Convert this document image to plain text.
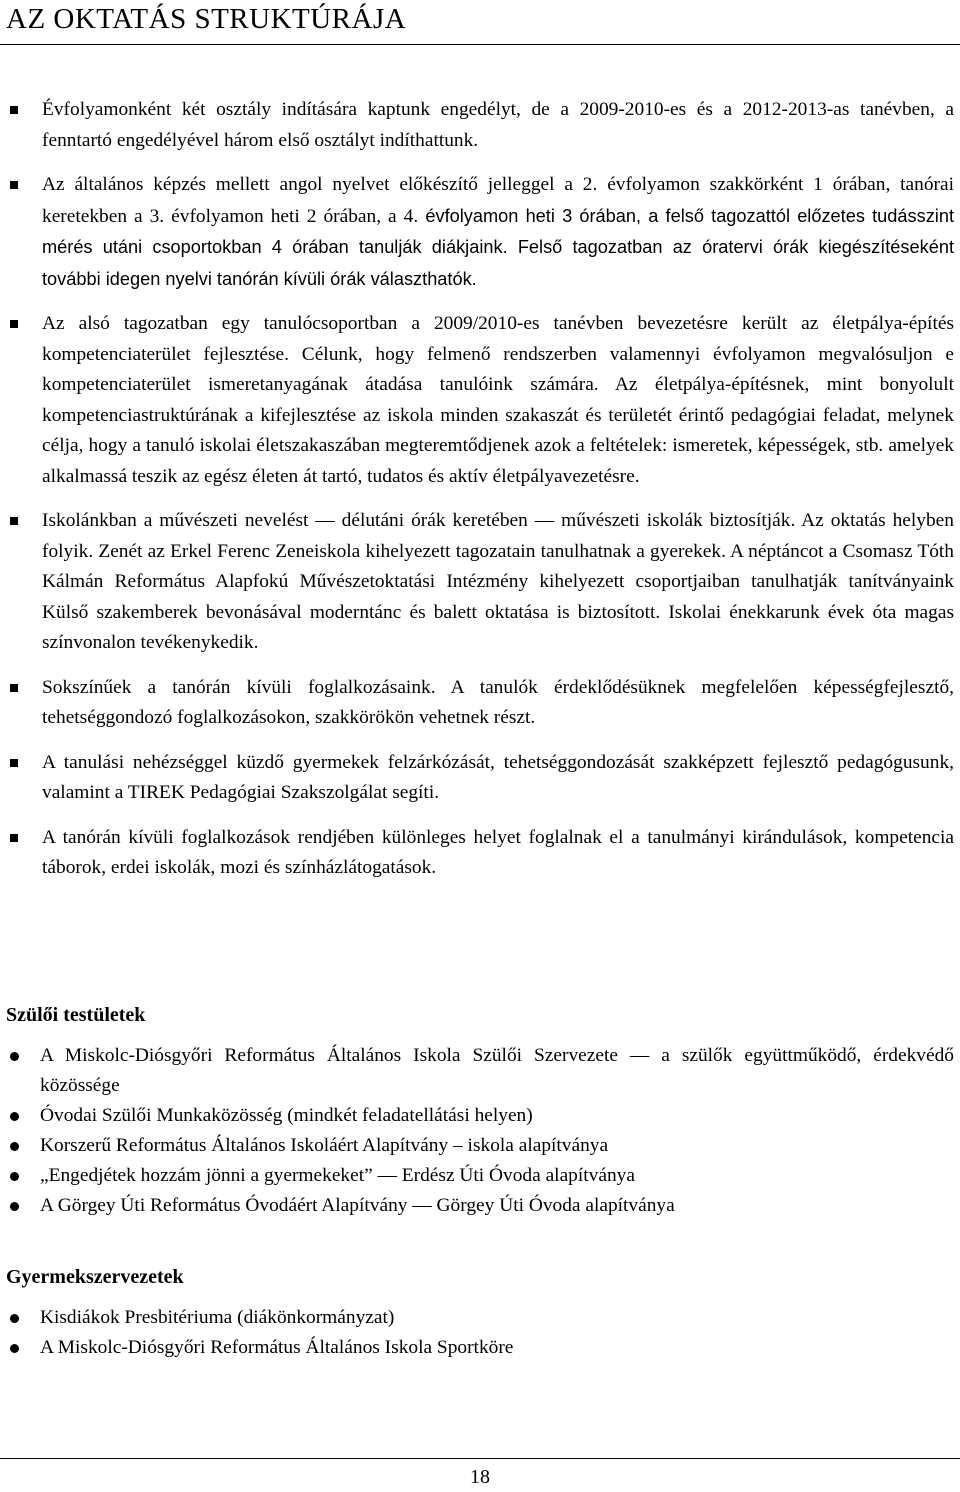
AZ OKTATÁS STRUKTÚRÁJA
Évfolyamonként két osztály indítására kaptunk engedélyt, de a 2009-2010-es és a 2012-2013-as tanévben, a fenntartó engedélyével három első osztályt indíthattunk.
Az általános képzés mellett angol nyelvet előkészítő jelleggel a 2. évfolyamon szakkörként 1 órában, tanórai keretekben a 3. évfolyamon heti 2 órában, a 4. évfolyamon heti 3 órában, a felső tagozattól előzetes tudásszint mérés utáni csoportokban 4 órában tanulják diákjaink. Felső tagozatban az óratervi órák kiegészítéseként további idegen nyelvi tanórán kívüli órák választhatók.
Az alsó tagozatban egy tanulócsoportban a 2009/2010-es tanévben bevezetésre került az életpálya-építés kompetenciaterület fejlesztése. Célunk, hogy felmenő rendszerben valamennyi évfolyamon megvalósuljon e kompetenciaterület ismeretanyagának átadása tanulóink számára. Az életpálya-építésnek, mint bonyolult kompetenciastruktúrának a kifejlesztése az iskola minden szakaszát és területét érintő pedagógiai feladat, melynek célja, hogy a tanuló iskolai életszakaszában megteremtődjenek azok a feltételek: ismeretek, képességek, stb. amelyek alkalmassá teszik az egész életen át tartó, tudatos és aktív életpályavezetésre.
Iskolánkban a művészeti nevelést — délutáni órák keretében — művészeti iskolák biztosítják. Az oktatás helyben folyik. Zenét az Erkel Ferenc Zeneiskola kihelyezett tagozatain tanulhatnak a gyerekek. A néptáncot a Csomasz Tóth Kálmán Református Alapfokú Művészetoktatási Intézmény kihelyezett csoportjaiban tanulhatják tanítványaink Külső szakemberek bevonásával moderntánc és balett oktatása is biztosított. Iskolai énekkarunk évek óta magas színvonalon tevékenykedik.
Sokszínűek a tanórán kívüli foglalkozásaink. A tanulók érdeklődésüknek megfelelően képességfejlesztő, tehetséggondozó foglalkozásokon, szakkörökön vehetnek részt.
A tanulási nehézséggel küzdő gyermekek felzárkózását, tehetséggondozását szakképzett fejlesztő pedagógusunk, valamint a TIREK Pedagógiai Szakszolgálat segíti.
A tanórán kívüli foglalkozások rendjében különleges helyet foglalnak el a tanulmányi kirándulások, kompetencia táborok, erdei iskolák, mozi és színházlátogatások.
Szülői testületek
A Miskolc-Diósgyőri Református Általános Iskola Szülői Szervezete — a szülők együttműködő, érdekvédő közössége
Óvodai Szülői Munkaközösség (mindkét feladatellátási helyen)
Korszerű Református Általános Iskoláért Alapítvány – iskola alapítványa
„Engedjétek hozzám jönni a gyermekeket” — Erdész Úti Óvoda alapítványa
A Görgey Úti Református Óvodáért Alapítvány — Görgey Úti Óvoda alapítványa
Gyermekszervezetek
Kisdiákok Presbitériuma (diákönkormányzat)
A Miskolc-Diósgyőri Református Általános Iskola Sportköre
18
